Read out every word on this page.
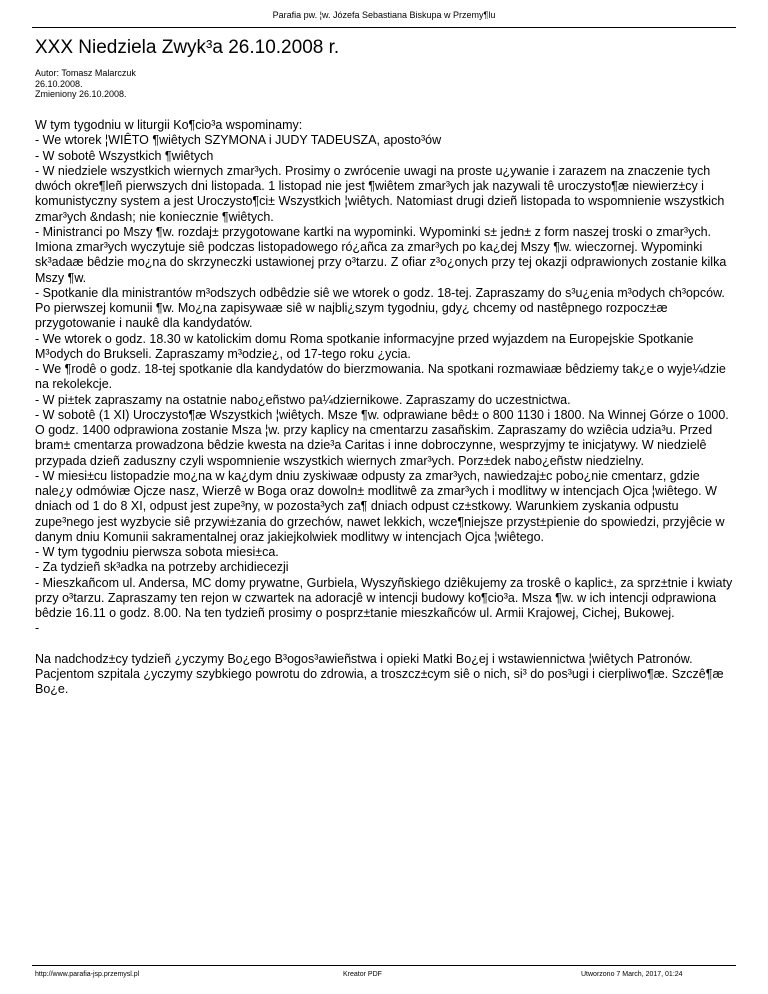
Parafia pw. ¦w. Józefa Sebastiana Biskupa w Przemy¶lu
XXX Niedziela Zwyk³a 26.10.2008 r.
Autor: Tomasz Malarczuk
26.10.2008.
Zmieniony 26.10.2008.

W tym tygodniu w liturgii Ko¶cio³a wspominamy:

- We wtorek ¦WIÊTO ¶wiêtych SZYMONA i JUDY TADEUSZA, aposto³ów

- W sobotê Wszystkich ¶wiêtych

- W niedziele wszystkich wiernych zmar³ych. Prosimy o zwrócenie uwagi na proste u¿ywanie i zarazem na znaczenie tych dwóch okre¶leñ pierwszych dni listopada. 1 listopad nie jest ¶wiêtem zmar³ych jak nazywali tê uroczysto¶æ niewierz±cy i komunistyczny system a jest Uroczysto¶ci± Wszystkich ¦wiêtych. Natomiast drugi dzieñ listopada to wspomnienie wszystkich zmar³ych &ndash; nie koniecznie ¶wiêtych.

- Ministranci po Mszy ¶w. rozdaj± przygotowane kartki na wypominki. Wypominki s± jedn± z form naszej troski o zmar³ych. Imiona zmar³ych wyczytuje siê podczas listopadowego ró¿añca za zmar³ych po ka¿dej Mszy ¶w. wieczornej. Wypominki sk³adaæ bêdzie mo¿na do skrzyneczki ustawionej przy o³tarzu. Z ofiar z³o¿onych przy tej okazji odprawionych zostanie kilka Mszy ¶w.

- Spotkanie dla ministrantów m³odszych odbêdzie siê we wtorek o godz. 18-tej. Zapraszamy do s³u¿enia m³odych ch³opców. Po pierwszej komunii ¶w. Mo¿na zapisywaæ siê w najbli¿szym tygodniu, gdy¿ chcemy od nastêpnego rozpocz±æ przygotowanie i naukê dla kandydatów.

- We wtorek o godz. 18.30 w katolickim domu Roma spotkanie informacyjne przed wyjazdem na Europejskie Spotkanie M³odych do Brukseli. Zapraszamy m³odzie¿, od 17-tego roku ¿ycia.

- We ¶rodê o godz. 18-tej spotkanie dla kandydatów do bierzmowania. Na spotkani rozmawiaæ bêdziemy tak¿e o wyje¼dzie na rekolekcje.

- W pi±tek zapraszamy na ostatnie nabo¿eñstwo pa¼dziernikowe. Zapraszamy do uczestnictwa.

- W sobotê (1 XI) Uroczysto¶æ Wszystkich ¦wiêtych. Msze ¶w. odprawiane bêd± o 800 1130 i 1800. Na Winnej Górze o 1000. O godz. 1400 odprawiona zostanie Msza ¦w. przy kaplicy na cmentarzu zasañskim. Zapraszamy do wziêcia udzia³u. Przed bram± cmentarza prowadzona bêdzie kwesta na dzie³a Caritas i inne dobroczynne, wesprzyjmy te inicjatywy. W niedzielê przypada dzieñ zaduszny czyli wspomnienie wszystkich wiernych zmar³ych. Porz±dek nabo¿eñstw niedzielny.

- W miesi±cu listopadzie mo¿na w ka¿dym dniu zyskiwaæ odpusty za zmar³ych, nawiedzaj±c pobo¿nie cmentarz, gdzie nale¿y odmówiæ Ojcze nasz, Wierzê w Boga oraz dowoln± modlitwê za zmar³ych i modlitwy w intencjach Ojca ¦wiêtego. W dniach od 1 do 8 XI, odpust jest zupe³ny, w pozosta³ych za¶ dniach odpust cz±stkowy. Warunkiem zyskania odpustu zupe³nego jest wyzbycie siê przywi±zania do grzechów, nawet lekkich, wcze¶niejsze przyst±pienie do spowiedzi, przyjêcie w danym dniu Komunii sakramentalnej oraz jakiejkolwiek modlitwy w intencjach Ojca ¦wiêtego.

- W tym tygodniu pierwsza sobota miesi±ca.

- Za tydzieñ sk³adka na potrzeby archidiecezji

- Mieszkañcom ul. Andersa, MC domy prywatne, Gurbiela, Wyszyñskiego dziêkujemy za troskê o kaplic±, za sprz±tnie i kwiaty przy o³tarzu. Zapraszamy ten rejon w czwartek na adoracjê w intencji budowy ko¶cio³a. Msza ¶w. w ich intencji odprawiona bêdzie 16.11 o godz. 8.00. Na ten tydzieñ prosimy o posprz±tanie mieszkañców ul. Armii Krajowej, Cichej, Bukowej.

-

Na nadchodz±cy tydzieñ ¿yczymy Bo¿ego B³ogos³awieñstwa i opieki Matki Bo¿ej i wstawiennictwa ¦wiêtych Patronów. Pacjentom szpitala ¿yczymy szybkiego powrotu do zdrowia, a troszcz±cym siê o nich, si³ do pos³ugi i cierpliwo¶æ. Szczê¶æ Bo¿e.

http://www.parafia-jsp.przemysl.pl	Kreator PDF	Utworzono 7 March, 2017, 01:24
